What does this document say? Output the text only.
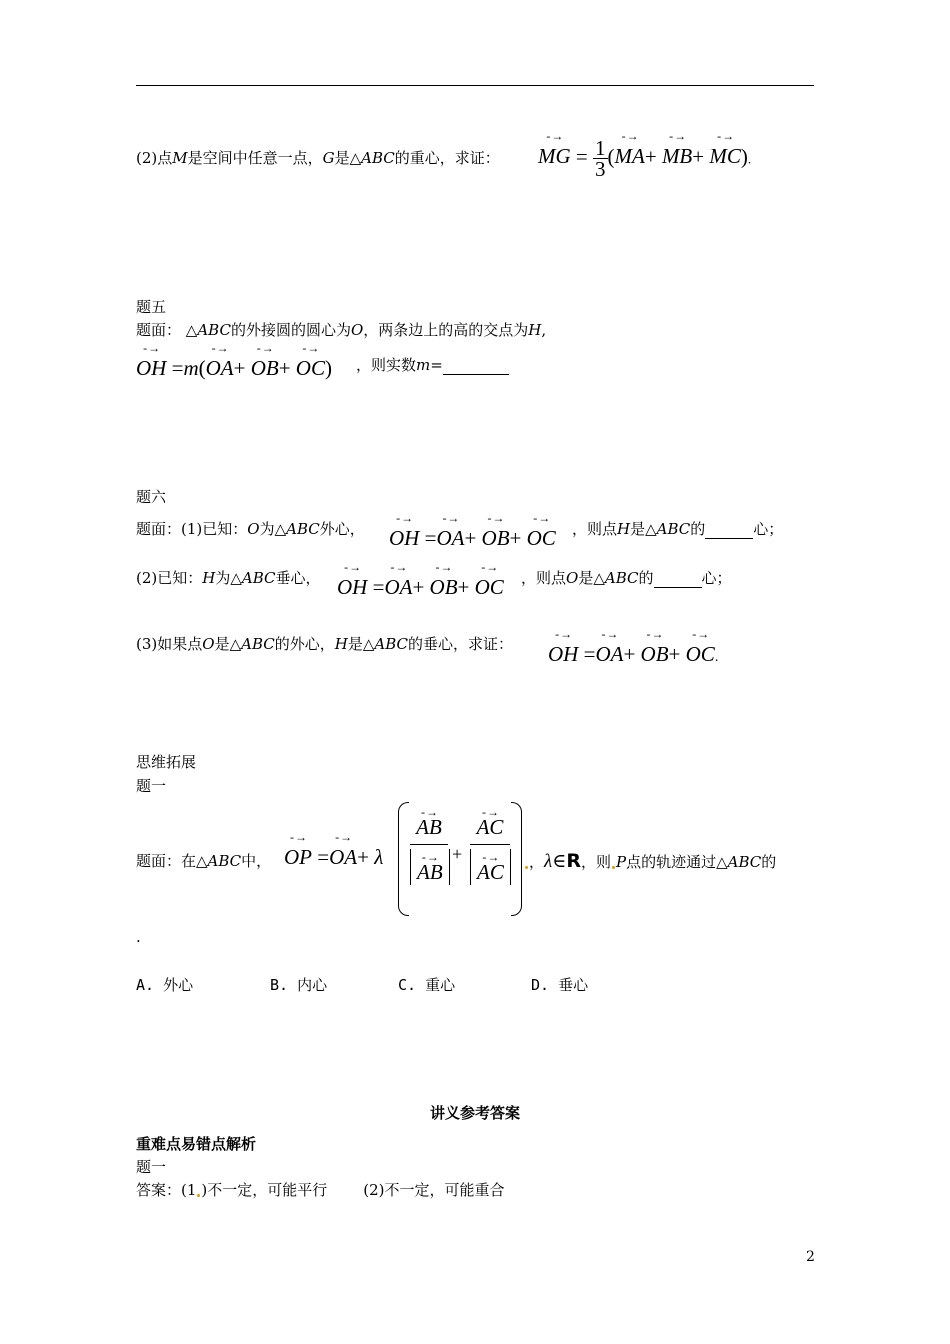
(2)点M是空间中任意一点，G是△ABC的重心，求证： - → MG = $\frac{1}{3}$ (- → MA+ - → MB+ - → MC).
题五
题面： △ABC的外接圆的圆心为O，两条边上的高的交点为H,
- → OH =m(- → OA+ - → OB+ - → OC) ，则实数m=
题六
题面：(1)已知：O为△ABC外心， - → OH =- → OA+ - → OB+ - → OC ，则点H是△ABC的	心；
(2)已知：H为△ABC垂心， - → OH =- → OA+ - → OB+ - → OC ，则点O是△ABC的	心；
(3)如果点O是△ABC的外心，H是△ABC的垂心，求证： - → OH =- → OA+ - → OB+ - → OC.
思维拓展
题一
题面：在△ABC中， - → OP =- → OA+ λ
- → AB
- → AB
+
- → AC
- → AC	，λ∈R，则 P点的轨迹通过△ABC的
.
A. 外心	B. 内心	C. 重心	D. 垂心
讲义参考答案
重难点易错点解析
题一
答案：(1 )不一定，可能平行 (2)不一定，可能重合
2
